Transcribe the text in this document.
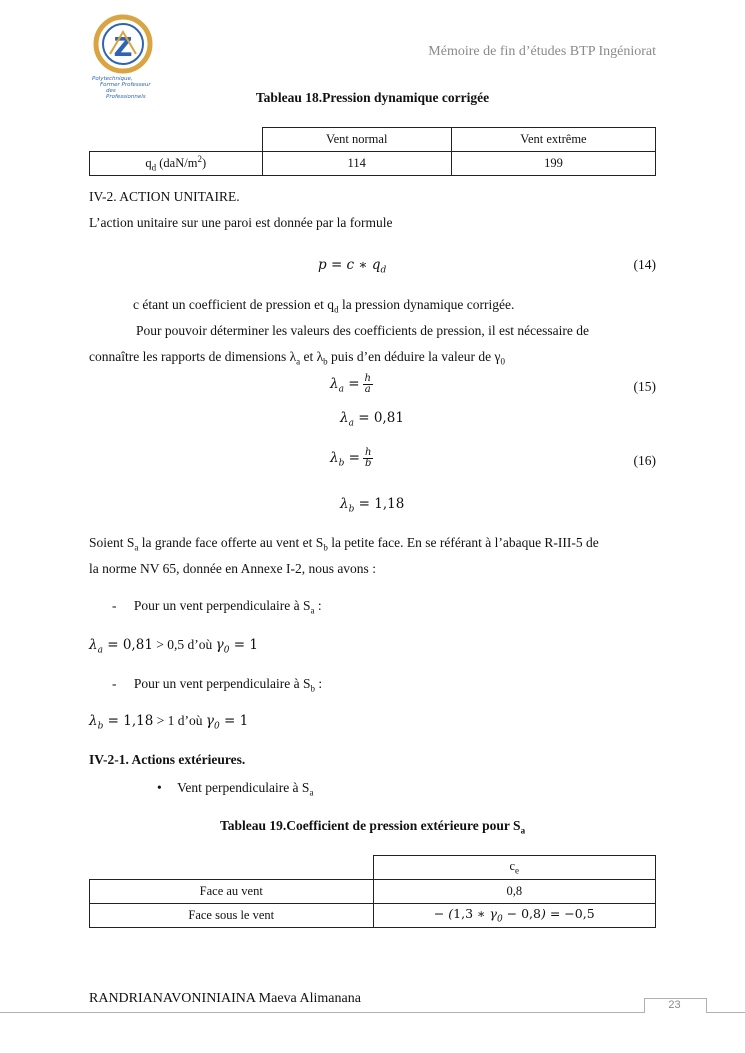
Z
Polytechnique,
Former Professeur
des Professionnels
Mémoire de fin d’études BTP Ingéniorat
Tableau 18.Pression dynamique corrigée
	Vent normal	Vent extrême
$q_d$ $(daN/m^2)$	114	199
IV-2. ACTION UNITAIRE.
L’action unitaire sur une paroi est donnée par la formule
p = c ∗ $q_d$	(14)
c étant un coefficient de pression et $q_d$ la pression dynamique corrigée.
Pour pouvoir déterminer les valeurs des coefficients de pression, il est nécessaire de
connaître les rapports de dimensions $\lambda_a$ et $\lambda_b$ puis d’en déduire la valeur de $\gamma_0$
$\lambda_a = \frac{h}{a}$	(15)
$\lambda_a = 0,81$
$\lambda_b = \frac{h}{b}$	(16)
$\lambda_b = 1,18$
Soient $S_a$ la grande face offerte au vent et $S_b$ la petite face. En se référant à l’abaque R-III-5 de
la norme NV 65, donnée en Annexe I-2, nous avons :
- Pour un vent perpendiculaire à $S_a$ :
$\lambda_a = 0,81 > 0,5$ d’où $\gamma_0 = 1$
- Pour un vent perpendiculaire à $S_b$ :
$\lambda_b = 1,18 > 1$ d’où $\gamma_0 = 1$
IV-2-1. Actions extérieures.
• Vent perpendiculaire à $S_a$
Tableau 19.Coefficient de pression extérieure pour $S_a$
	$c_e$
Face au vent	0,8
Face sous le vent	− (1,3 ∗ $\gamma_0 - 0,8) = -0,5$
RANDRIANAVONINIAINA Maeva Alimanana	23
